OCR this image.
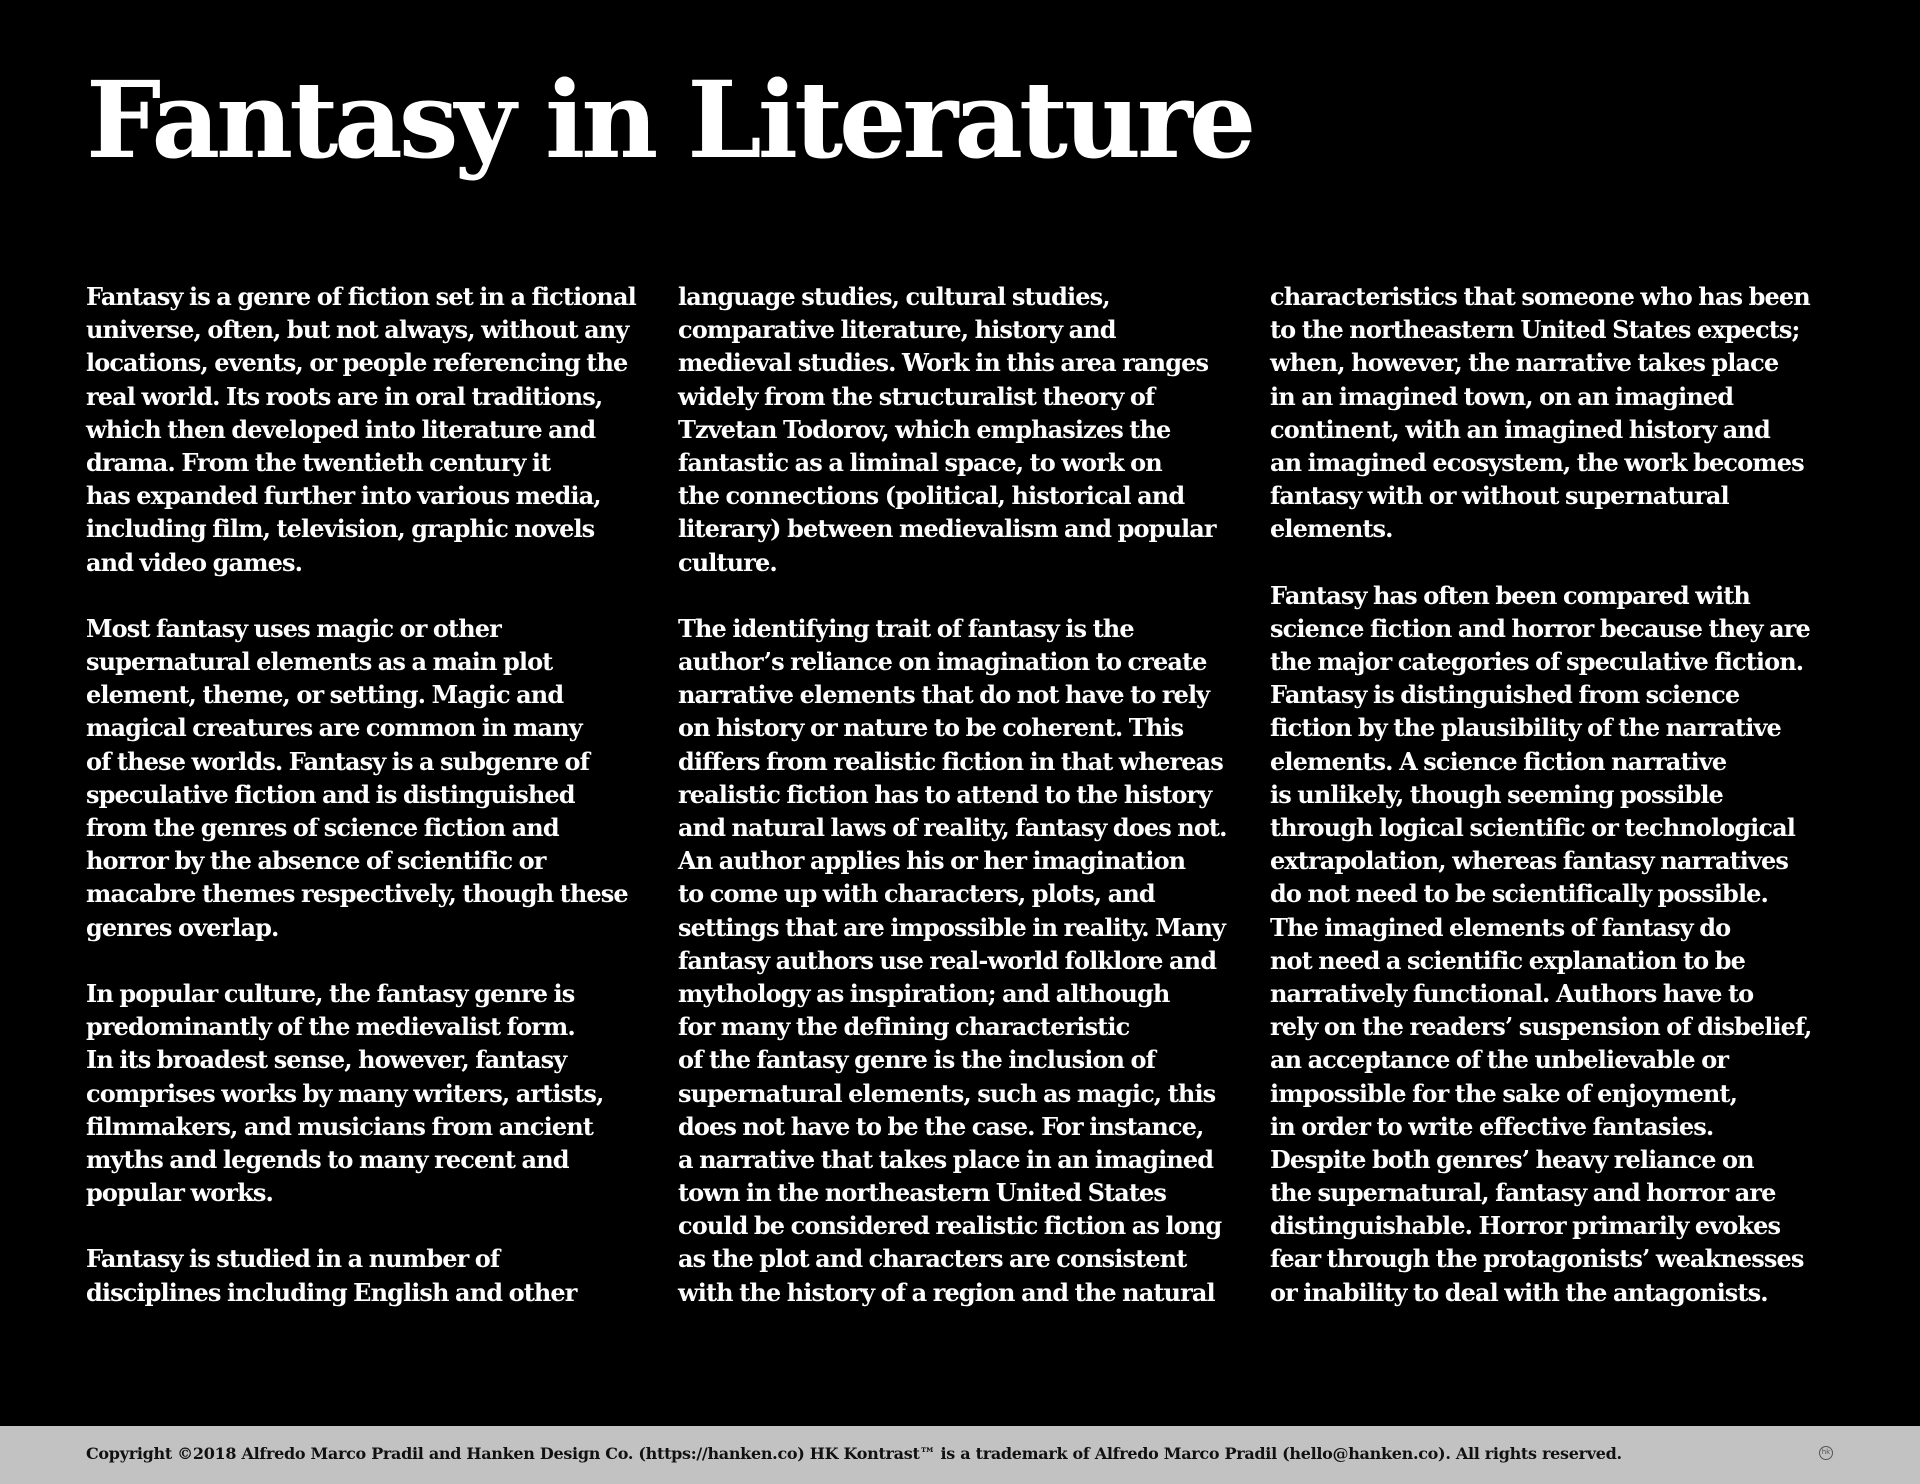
Fantasy in Literature
Fantasy is a genre of fiction set in a fictional
universe, often, but not always, without any
locations, events, or people referencing the
real world. Its roots are in oral traditions,
which then developed into literature and
drama. From the twentieth century it
has expanded further into various media,
including film, television, graphic novels
and video games.
Most fantasy uses magic or other
supernatural elements as a main plot
element, theme, or setting. Magic and
magical creatures are common in many
of these worlds. Fantasy is a subgenre of
speculative fiction and is distinguished
from the genres of science fiction and
horror by the absence of scientific or
macabre themes respectively, though these
genres overlap.
In popular culture, the fantasy genre is
predominantly of the medievalist form.
In its broadest sense, however, fantasy
comprises works by many writers, artists,
filmmakers, and musicians from ancient
myths and legends to many recent and
popular works.
Fantasy is studied in a number of
disciplines including English and other
language studies, cultural studies,
comparative literature, history and
medieval studies. Work in this area ranges
widely from the structuralist theory of
Tzvetan Todorov, which emphasizes the
fantastic as a liminal space, to work on
the connections (political, historical and
literary) between medievalism and popular
culture.
The identifying trait of fantasy is the
author’s reliance on imagination to create
narrative elements that do not have to rely
on history or nature to be coherent. This
differs from realistic fiction in that whereas
realistic fiction has to attend to the history
and natural laws of reality, fantasy does not.
An author applies his or her imagination
to come up with characters, plots, and
settings that are impossible in reality. Many
fantasy authors use real-world folklore and
mythology as inspiration; and although
for many the defining characteristic
of the fantasy genre is the inclusion of
supernatural elements, such as magic, this
does not have to be the case. For instance,
a narrative that takes place in an imagined
town in the northeastern United States
could be considered realistic fiction as long
as the plot and characters are consistent
with the history of a region and the natural
characteristics that someone who has been
to the northeastern United States expects;
when, however, the narrative takes place
in an imagined town, on an imagined
continent, with an imagined history and
an imagined ecosystem, the work becomes
fantasy with or without supernatural
elements.
Fantasy has often been compared with
science fiction and horror because they are
the major categories of speculative fiction.
Fantasy is distinguished from science
fiction by the plausibility of the narrative
elements. A science fiction narrative
is unlikely, though seeming possible
through logical scientific or technological
extrapolation, whereas fantasy narratives
do not need to be scientifically possible.
The imagined elements of fantasy do
not need a scientific explanation to be
narratively functional. Authors have to
rely on the readers’ suspension of disbelief,
an acceptance of the unbelievable or
impossible for the sake of enjoyment,
in order to write effective fantasies.
Despite both genres’ heavy reliance on
the supernatural, fantasy and horror are
distinguishable. Horror primarily evokes
fear through the protagonists’ weaknesses
or inability to deal with the antagonists.
Copyright ©2018 Alfredo Marco Pradil and Hanken Design Co. (https://hanken.co) HK Kontrast™ is a trademark of Alfredo Marco Pradil (hello@hanken.co). All rights reserved.	hk
